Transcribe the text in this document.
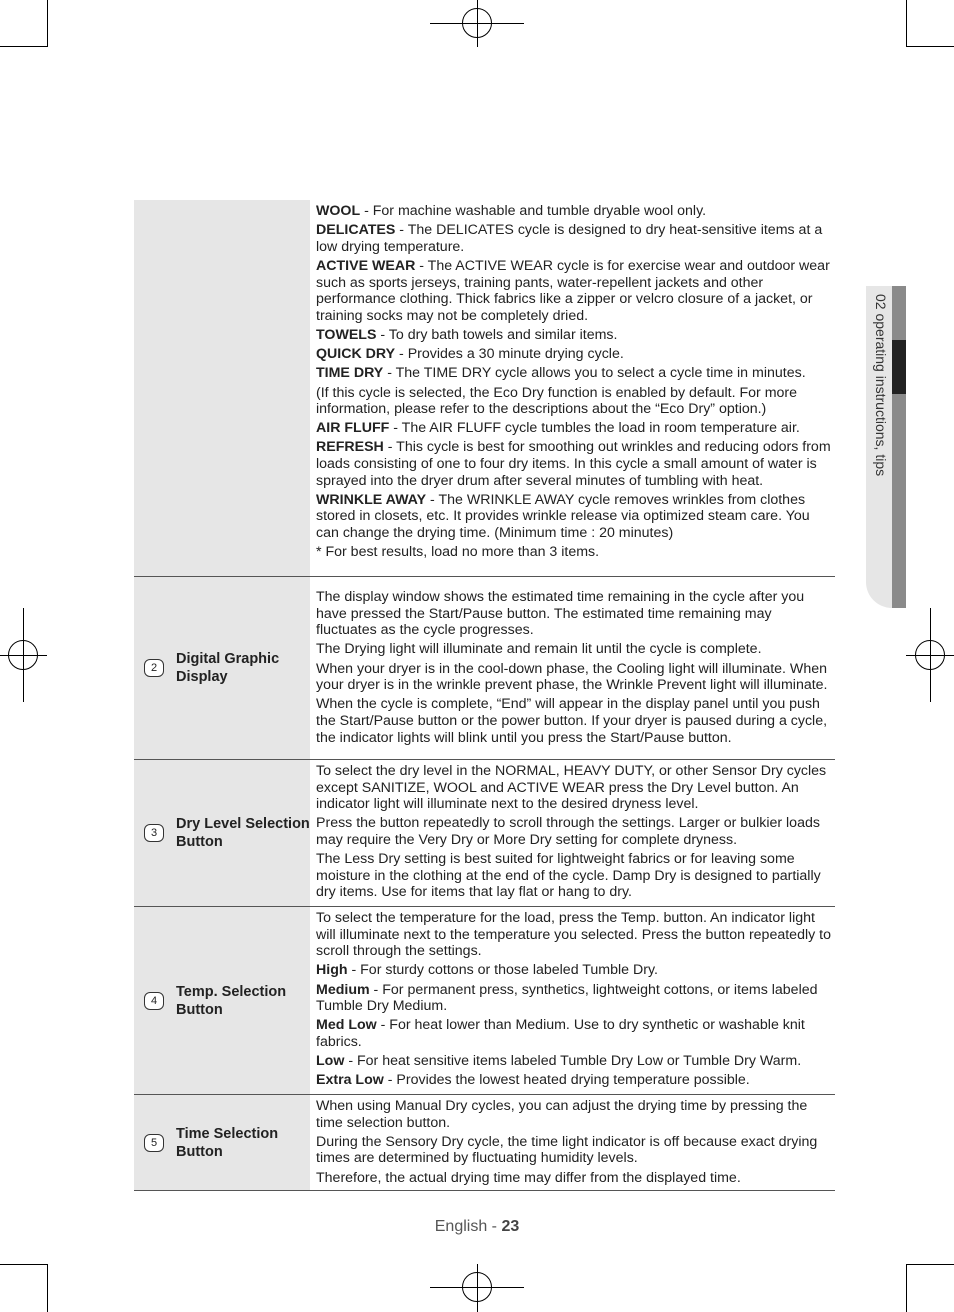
02 operating instructions, tips

WOOL - For machine washable and tumble dryable wool only.

DELICATES - The DELICATES cycle is designed to dry heat-sensitive items at a low drying temperature.

ACTIVE WEAR - The ACTIVE WEAR cycle is for exercise wear and outdoor wear such as sports jerseys, training pants, water-repellent jackets and other performance clothing. Thick fabrics like a zipper or velcro closure of a jacket, or training socks may not be completely dried.

TOWELS - To dry bath towels and similar items.

QUICK DRY - Provides a 30 minute drying cycle.

TIME DRY - The TIME DRY cycle allows you to select a cycle time in minutes.

(If this cycle is selected, the Eco Dry function is enabled by default. For more information, please refer to the descriptions about the “Eco Dry” option.)

AIR FLUFF - The AIR FLUFF cycle tumbles the load in room temperature air.

REFRESH - This cycle is best for smoothing out wrinkles and reducing odors from loads consisting of one to four dry items. In this cycle a small amount of water is sprayed into the dryer drum after several minutes of tumbling with heat.

WRINKLE AWAY - The WRINKLE AWAY cycle removes wrinkles from clothes stored in closets, etc. It provides wrinkle release via optimized steam care. You can change the drying time. (Minimum time : 20 minutes)

* For best results, load no more than 3 items.

2
Digital Graphic Display

The display window shows the estimated time remaining in the cycle after you have pressed the Start/Pause button. The estimated time remaining may fluctuates as the cycle progresses.

The Drying light will illuminate and remain lit until the cycle is complete.

When your dryer is in the cool-down phase, the Cooling light will illuminate. When your dryer is in the wrinkle prevent phase, the Wrinkle Prevent light will illuminate.

When the cycle is complete, “End” will appear in the display panel until you push the Start/Pause button or the power button. If your dryer is paused during a cycle, the indicator lights will blink until you press the Start/Pause button.

3
Dry Level Selection Button

To select the dry level in the NORMAL, HEAVY DUTY, or other Sensor Dry cycles except SANITIZE, WOOL and ACTIVE WEAR press the Dry Level button. An indicator light will illuminate next to the desired dryness level.

Press the button repeatedly to scroll through the settings. Larger or bulkier loads may require the Very Dry or More Dry setting for complete dryness.

The Less Dry setting is best suited for lightweight fabrics or for leaving some moisture in the clothing at the end of the cycle. Damp Dry is designed to partially dry items. Use for items that lay flat or hang to dry.

4
Temp. Selection Button

To select the temperature for the load, press the Temp. button. An indicator light will illuminate next to the temperature you selected. Press the button repeatedly to scroll through the settings.

High - For sturdy cottons or those labeled Tumble Dry.

Medium - For permanent press, synthetics, lightweight cottons, or items labeled Tumble Dry Medium.

Med Low - For heat lower than Medium. Use to dry synthetic or washable knit fabrics.

Low - For heat sensitive items labeled Tumble Dry Low or Tumble Dry Warm.

Extra Low - Provides the lowest heated drying temperature possible.

5
Time Selection Button

When using Manual Dry cycles, you can adjust the drying time by pressing the time selection button.

During the Sensory Dry cycle, the time light indicator is off because exact drying times are determined by fluctuating humidity levels.

Therefore, the actual drying time may differ from the displayed time.

English - 23
